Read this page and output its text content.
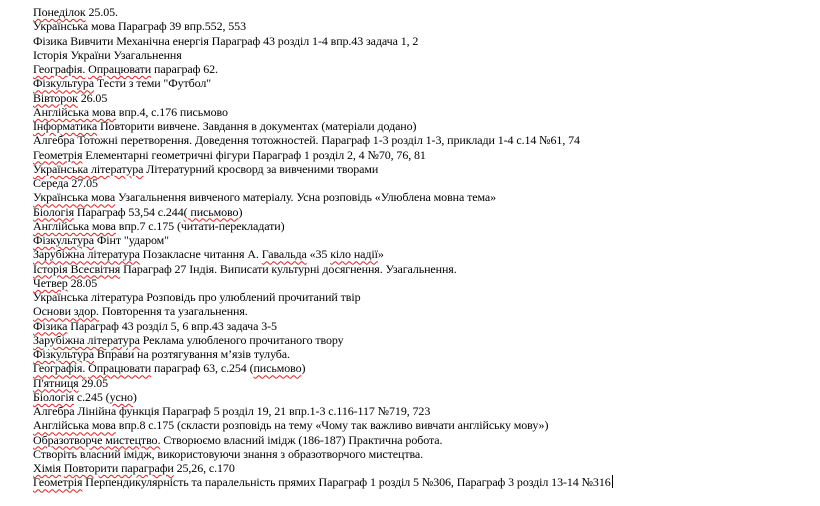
Понеділок 25.05.
Українська мова Параграф 39 впр.552, 553
Фізика Вивчити Механічна енергія Параграф 43 розділ 1-4 впр.43 задача 1, 2
Історія України Узагальнення
Географія. Опрацювати параграф 62.
Фізкультура Тести з теми "Футбол"
Вівторок 26.05
Англійська мова впр.4, с.176 письмово
Інформатика Повторити вивчене. Завдання в документах (матеріали додано)
Алгебра Тотожні перетворення. Доведення тотожностей. Параграф 1-3 розділ 1-3, приклади 1-4 с.14 №61, 74
Геометрія Елементарні геометричні фігури Параграф 1 розділ 2, 4 №70, 76, 81
Українська література Літературний кросворд за вивченими творами
Середа 27.05
Українська мова Узагальнення вивченого матеріалу. Усна розповідь «Улюблена мовна тема»
Біологія Параграф 53,54 с.244( письмово)
Англійська мова впр.7 с.175 (читати-перекладати)
Фізкультура Фінт "ударом"
Зарубіжна література Позакласне читання А. Гавальда «35 кіло надії»
Історія Всесвітня Параграф 27 Індія. Виписати культурні досягнення. Узагальнення.
Четвер 28.05
Українська література Розповідь про улюблений прочитаний твір
Основи здор. Повторення та узагальнення.
Фізика Параграф 43 розділ 5, 6 впр.43 задача 3-5
Зарубіжна література Реклама улюбленого прочитаного твору
Фізкультура Вправи на розтягування м’язів тулуба.
Географія. Опрацювати параграф 63, с.254 (письмово)
П'ятниця 29.05
Біологія с.245 (усно)
Алгебра Лінійна функція Параграф 5 розділ 19, 21 впр.1-3 с.116-117 №719, 723
Англійська мова впр.8 с.175 (скласти розповідь на тему «Чому так важливо вивчати англійську мову»)
Образотворче мистецтво. Створюємо власний імідж (186-187) Практична робота.
Створіть власний імідж, використовуючи знання з образотворчого мистецтва.
Хімія Повторити параграфи 25,26, с.170
Геометрія Перпендикулярність та паралельність прямих Параграф 1 розділ 5 №306, Параграф 3 розділ 13-14 №316
